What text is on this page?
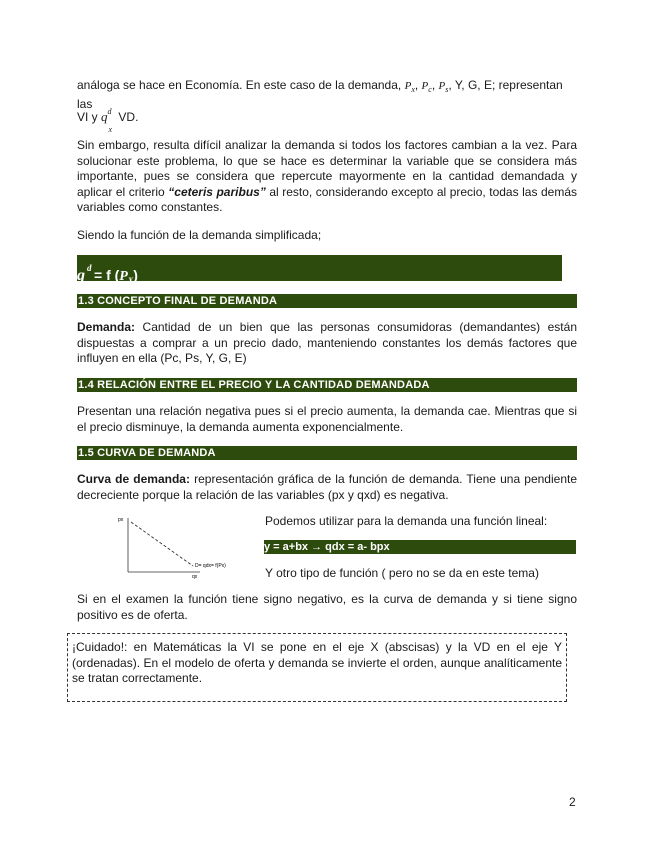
análoga se hace en Economía. En este caso de la demanda, $P_x$, $P_c$, $P_s$, Y, G, E; representan las
VI y $q^d_x$ VD.

Sin embargo, resulta difícil analizar la demanda si todos los factores cambian a la vez. Para solucionar este problema, lo que se hace es determinar la variable que se considera más importante, pues se considera que repercute mayormente en la cantidad demandada y aplicar el criterio “ceteris paribus” al resto, considerando excepto al precio, todas las demás variables como constantes.

Siendo la función de la demanda simplificada;

q $^d_x$= f $(P_X)$
1.3 CONCEPTO FINAL DE DEMANDA

Demanda: Cantidad de un bien que las personas consumidoras (demandantes) están dispuestas a comprar a un precio dado, manteniendo constantes los demás factores que influyen en ella (Pc, Ps, Y, G, E)

1.4 RELACIÓN ENTRE EL PRECIO Y LA CANTIDAD DEMANDADA

Presentan una relación negativa pues si el precio aumenta, la demanda cae. Mientras que si el precio disminuye, la demanda aumenta exponencialmente.

1.5 CURVA DE DEMANDA

Curva de demanda: representación gráfica de la función de demanda. Tiene una pendiente decreciente porque la relación de las variables (px y qxd) es negativa.

px
qx
D= qdx= f(Px)

Podemos utilizar para la demanda una función lineal:

y = a+bx → qdx = a- bpx

Y otro tipo de función ( pero no se da en este tema)

Si en el examen la función tiene signo negativo, es la curva de demanda y si tiene signo positivo es de oferta.

¡Cuidado!: en Matemáticas la VI se pone en el eje X (abscisas) y la VD en el eje Y (ordenadas). En el modelo de oferta y demanda se invierte el orden, aunque analíticamente se tratan correctamente.

2
